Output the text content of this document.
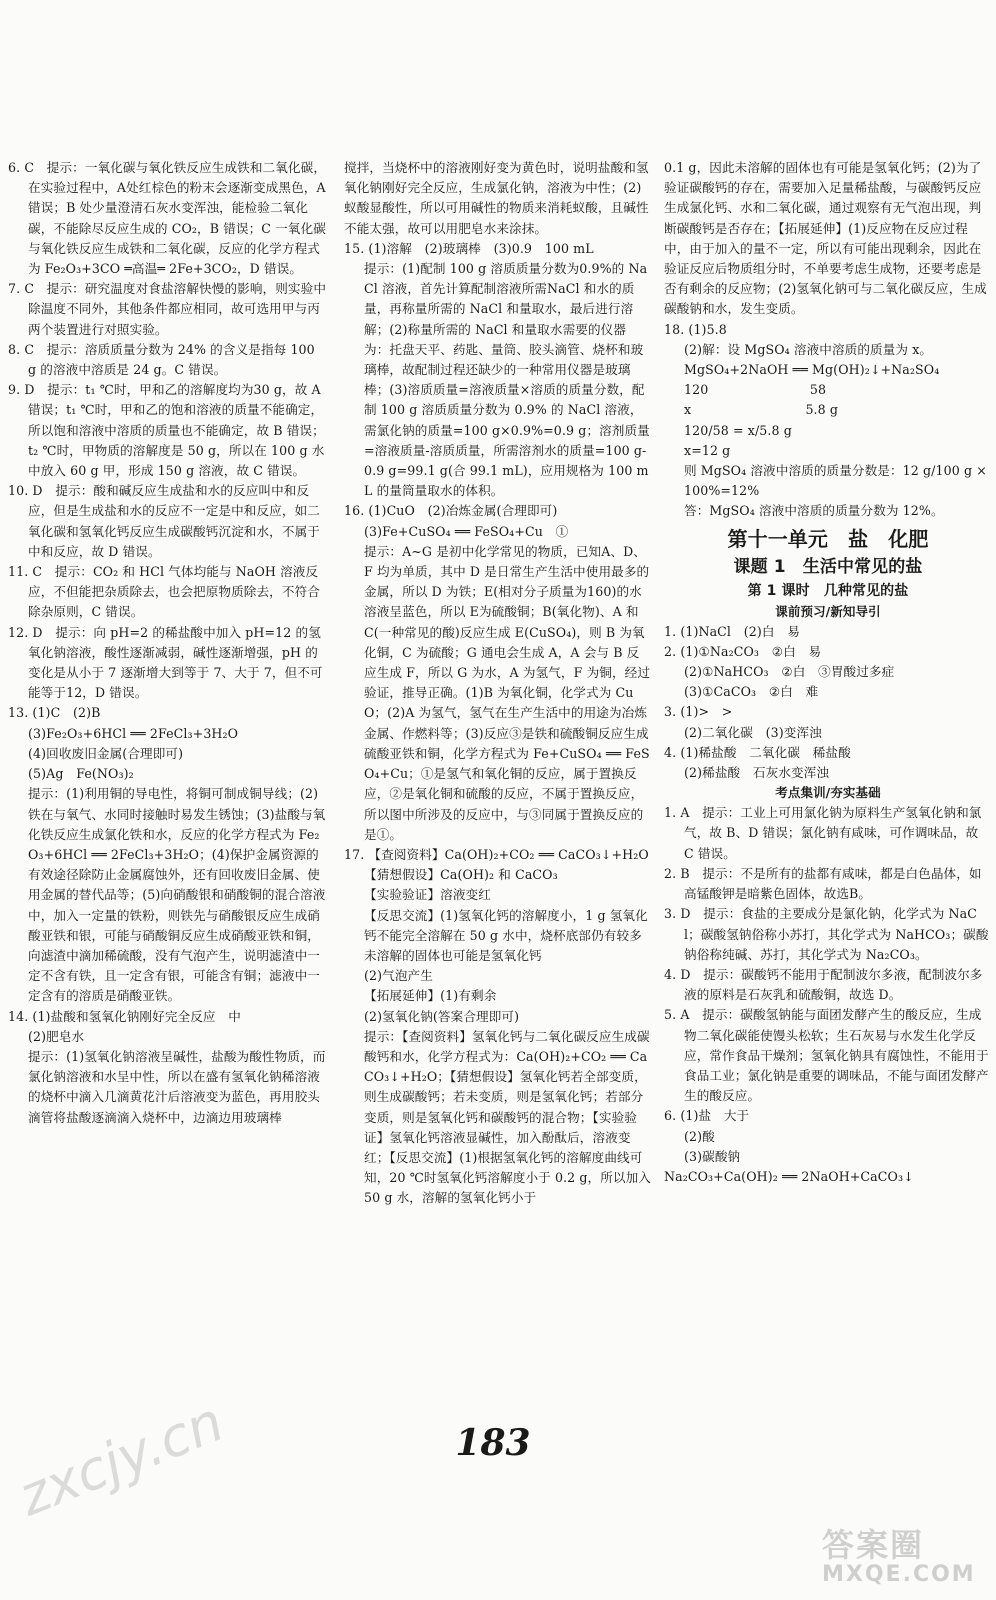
zxcjy.cn
6. C　提示：一氧化碳与氧化铁反应生成铁和二氧化碳，在实验过程中，A处红棕色的粉末会逐渐变成黑色，A 错误；B 处少量澄清石灰水变浑浊，能检验二氧化碳，不能除尽反应生成的 CO₂，B 错误；C 一氧化碳与氧化铁反应生成铁和二氧化碳，反应的化学方程式为 Fe₂O₃+3CO ═高温═ 2Fe+3CO₂，D 错误。
7. C　提示：研究温度对食盐溶解快慢的影响，则实验中除温度不同外，其他条件都应相同，故可选用甲与丙两个装置进行对照实验。
8. C　提示：溶质质量分数为 24% 的含义是指每 100 g 的溶液中溶质是 24 g。C 错误。
9. D　提示：t₁ ℃时，甲和乙的溶解度均为30 g，故 A 错误；t₁ ℃时，甲和乙的饱和溶液的质量不能确定，所以饱和溶液中溶质的质量也不能确定，故 B 错误；t₂ ℃时，甲物质的溶解度是 50 g，所以在 100 g 水中放入 60 g 甲，形成 150 g 溶液，故 C 错误。
10. D　提示：酸和碱反应生成盐和水的反应叫中和反应，但是生成盐和水的反应不一定是中和反应，如二氧化碳和氢氧化钙反应生成碳酸钙沉淀和水，不属于中和反应，故 D 错误。
11. C　提示：CO₂ 和 HCl 气体均能与 NaOH 溶液反应，不但能把杂质除去，也会把原物质除去，不符合除杂原则，C 错误。
12. D　提示：向 pH=2 的稀盐酸中加入 pH=12 的氢氧化钠溶液，酸性逐渐减弱，碱性逐渐增强，pH 的变化是从小于 7 逐渐增大到等于 7、大于 7，但不可能等于12，D 错误。
13. (1)C　(2)B
(3)Fe₂O₃+6HCl ══ 2FeCl₃+3H₂O
(4)回收废旧金属(合理即可)
(5)Ag　Fe(NO₃)₂
提示：(1)利用铜的导电性，将铜可制成铜导线；(2)铁在与氧气、水同时接触时易发生锈蚀；(3)盐酸与氧化铁反应生成氯化铁和水，反应的化学方程式为 Fe₂O₃+6HCl ══ 2FeCl₃+3H₂O；(4)保护金属资源的有效途径除防止金属腐蚀外，还有回收废旧金属、使用金属的替代品等；(5)向硝酸银和硝酸铜的混合溶液中，加入一定量的铁粉，则铁先与硝酸银反应生成硝酸亚铁和银，可能与硝酸铜反应生成硝酸亚铁和铜，向滤渣中滴加稀硫酸，没有气泡产生，说明滤渣中一定不含有铁，且一定含有银，可能含有铜；滤液中一定含有的溶质是硝酸亚铁。
14. (1)盐酸和氢氧化钠刚好完全反应　中
(2)肥皂水
提示：(1)氢氧化钠溶液呈碱性，盐酸为酸性物质，而氯化钠溶液和水呈中性，所以在盛有氢氧化钠稀溶液的烧杯中滴入几滴黄花汁后溶液变为蓝色，再用胶头滴管将盐酸逐滴滴入烧杯中，边滴边用玻璃棒
搅拌，当烧杯中的溶液刚好变为黄色时，说明盐酸和氢氧化钠刚好完全反应，生成氯化钠，溶液为中性；(2)蚁酸显酸性，所以可用碱性的物质来消耗蚁酸，且碱性不能太强，故可以用肥皂水来涂抹。
15. (1)溶解　(2)玻璃棒　(3)0.9　100 mL
提示：(1)配制 100 g 溶质质量分数为0.9%的 NaCl 溶液，首先计算配制溶液所需NaCl 和水的质量，再称量所需的 NaCl 和量取水，最后进行溶解；(2)称量所需的 NaCl 和量取水需要的仪器为：托盘天平、药匙、量筒、胶头滴管、烧杯和玻璃棒，故配制过程还缺少的一种常用仪器是玻璃棒；(3)溶质质量=溶液质量×溶质的质量分数，配制 100 g 溶质质量分数为 0.9% 的 NaCl 溶液，需氯化钠的质量=100 g×0.9%=0.9 g；溶剂质量=溶液质量-溶质质量，所需溶剂水的质量=100 g-0.9 g=99.1 g(合 99.1 mL)，应用规格为 100 mL 的量筒量取水的体积。
16. (1)CuO　(2)冶炼金属(合理即可)
(3)Fe+CuSO₄ ══ FeSO₄+Cu　①
提示：A~G 是初中化学常见的物质，已知A、D、F 均为单质，其中 D 是日常生产生活中使用最多的金属，所以 D 为铁；E(相对分子质量为160)的水溶液呈蓝色，所以 E为硫酸铜；B(氧化物)、A 和 C(一种常见的酸)反应生成 E(CuSO₄)，则 B 为氧化铜，C 为硫酸；G 通电会生成 A，A 会与 B 反应生成 F，所以 G 为水，A 为氢气，F 为铜，经过验证，推导正确。(1)B 为氧化铜，化学式为 CuO；(2)A 为氢气，氢气在生产生活中的用途为冶炼金属、作燃料等；(3)反应③是铁和硫酸铜反应生成硫酸亚铁和铜，化学方程式为 Fe+CuSO₄ ══ FeSO₄+Cu；①是氢气和氧化铜的反应，属于置换反应，②是氧化铜和硫酸的反应，不属于置换反应，所以图中所涉及的反应中，与③同属于置换反应的是①。
17. 【查阅资料】Ca(OH)₂+CO₂ ══ CaCO₃↓+H₂O
【猜想假设】Ca(OH)₂ 和 CaCO₃
【实验验证】溶液变红
【反思交流】(1)氢氧化钙的溶解度小，1 g 氢氧化钙不能完全溶解在 50 g 水中，烧杯底部仍有较多未溶解的固体也可能是氢氧化钙
(2)气泡产生
【拓展延伸】(1)有剩余
(2)氢氧化钠(答案合理即可)
提示：【查阅资料】氢氧化钙与二氧化碳反应生成碳酸钙和水，化学方程式为：Ca(OH)₂+CO₂ ══ CaCO₃↓+H₂O；【猜想假设】氢氧化钙若全部变质，则生成碳酸钙；若未变质，则是氢氧化钙；若部分变质，则是氢氧化钙和碳酸钙的混合物；【实验验证】氢氧化钙溶液显碱性，加入酚酞后，溶液变红；【反思交流】(1)根据氢氧化钙的溶解度曲线可知，20 ℃时氢氧化钙溶解度小于 0.2 g，所以加入 50 g 水，溶解的氢氧化钙小于
0.1 g，因此未溶解的固体也有可能是氢氧化钙；(2)为了验证碳酸钙的存在，需要加入足量稀盐酸，与碳酸钙反应生成氯化钙、水和二氧化碳，通过观察有无气泡出现，判断碳酸钙是否存在；【拓展延伸】(1)反应物在反应过程中，由于加入的量不一定，所以有可能出现剩余，因此在验证反应后物质组分时，不单要考虑生成物，还要考虑是否有剩余的反应物；(2)氢氧化钠可与二氧化碳反应，生成碳酸钠和水，发生变质。
18. (1)5.8
(2)解：设 MgSO₄ 溶液中溶质的质量为 x。
MgSO₄+2NaOH ══ Mg(OH)₂↓+Na₂SO₄
120　　　　　　　　58
x　　　　　　　　　5.8 g
120/58 = x/5.8 g
x=12 g
则 MgSO₄ 溶液中溶质的质量分数是：12 g/100 g ×100%=12%
答：MgSO₄ 溶液中溶质的质量分数为 12%。
第十一单元　盐　化肥
课题 1　生活中常见的盐
第 1 课时　几种常见的盐
课前预习/新知导引
1. (1)NaCl　(2)白　易
2. (1)①Na₂CO₃　②白　易
(2)①NaHCO₃　②白　③胃酸过多症
(3)①CaCO₃　②白　难
3. (1)>　>
(2)二氧化碳　(3)变浑浊
4. (1)稀盐酸　二氧化碳　稀盐酸
(2)稀盐酸　石灰水变浑浊
考点集训/夯实基础
1. A　提示：工业上可用氯化钠为原料生产氢氧化钠和氯气，故 B、D 错误；氯化钠有咸味，可作调味品，故 C 错误。
2. B　提示：不是所有的盐都有咸味，都是白色晶体，如高锰酸钾是暗紫色固体，故选B。
3. D　提示：食盐的主要成分是氯化钠，化学式为 NaCl；碳酸氢钠俗称小苏打，其化学式为 NaHCO₃；碳酸钠俗称纯碱、苏打，其化学式为 Na₂CO₃。
4. D　提示：碳酸钙不能用于配制波尔多液，配制波尔多液的原料是石灰乳和硫酸铜，故选 D。
5. A　提示：碳酸氢钠能与面团发酵产生的酸反应，生成物二氧化碳能使馒头松软；生石灰易与水发生化学反应，常作食品干燥剂；氢氧化钠具有腐蚀性，不能用于食品工业；氯化钠是重要的调味品，不能与面团发酵产生的酸反应。
6. (1)盐　大于
(2)酸
(3)碳酸钠
Na₂CO₃+Ca(OH)₂ ══ 2NaOH+CaCO₃↓
183
答案圈
MXQE.COM
